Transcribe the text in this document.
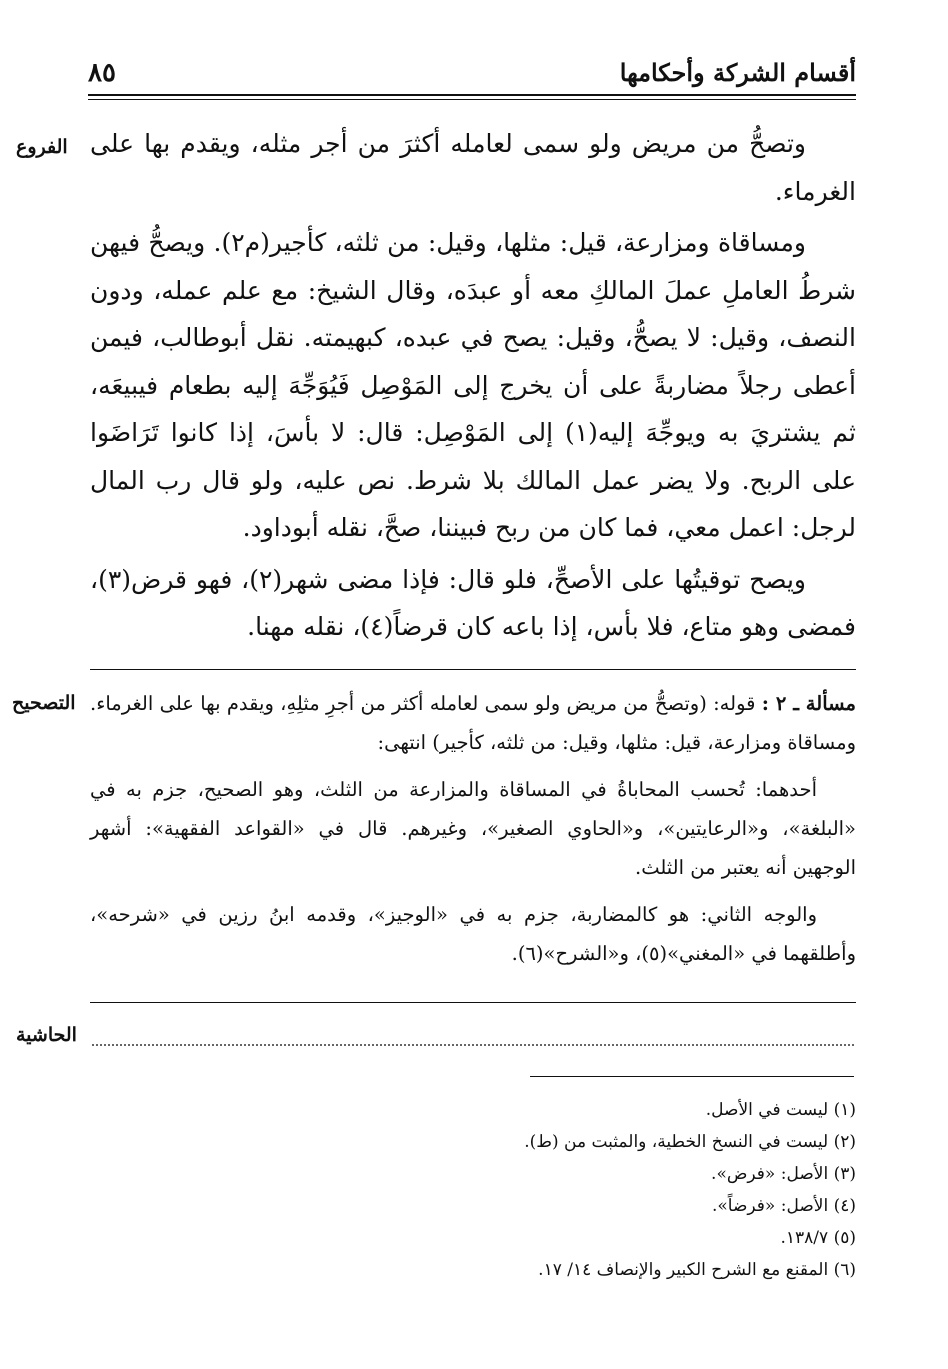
أقسام الشركة وأحكامها
٨٥
الفروع
التصحيح
الحاشية

وتصحُّ من مريض ولو سمى لعامله أكثرَ من أجر مثله، ويقدم بها على الغرماء.

ومساقاة ومزارعة، قيل: مثلها، وقيل: من ثلثه، كأجير(م٢). ويصحُّ فيهن شرطُ العاملِ عملَ المالكِ معه أو عبدَه، وقال الشيخ: مع علم عمله، ودون النصف، وقيل: لا يصحُّ، وقيل: يصح في عبده، كبهيمته. نقل أبوطالب، فيمن أعطى رجلاً مضاربةً على أن يخرج إلى المَوْصِل فَيُوَجِّهَ إليه بطعام فيبيعَه، ثم يشتريَ به ويوجِّهَ إليه(١) إلى المَوْصِل: قال: لا بأسَ، إذا كانوا تَرَاضَوا على الربح. ولا يضر عمل المالك بلا شرط. نص عليه، ولو قال رب المال لرجل: اعمل معي، فما كان من ربح فبيننا، صحَّ، نقله أبوداود.

ويصح توقيتُها على الأصحِّ، فلو قال: فإذا مضى شهر(٢)، فهو قرض(٣)، فمضى وهو متاع، فلا بأس، إذا باعه كان قرضاً(٤)، نقله مهنا.

مسألة ـ ٢ : قوله: (وتصحُّ من مريض ولو سمى لعامله أكثر من أجرِ مثلِهِ، ويقدم بها على الغرماء. ومساقاة ومزارعة، قيل: مثلها، وقيل: من ثلثه، كأجير) انتهى:

أحدهما: تُحسب المحاباةُ في المساقاة والمزارعة من الثلث، وهو الصحيح، جزم به في «البلغة»، و«الرعايتين»، و«الحاوي الصغير»، وغيرهم. قال في «القواعد الفقهية»: أشهر الوجهين أنه يعتبر من الثلث.

والوجه الثاني: هو كالمضاربة، جزم به في «الوجيز»، وقدمه ابنُ رزين في «شرحه»، وأطلقهما في «المغني»(٥)، و«الشرح»(٦).

(١) ليست في الأصل.
(٢) ليست في النسخ الخطية، والمثبت من (ط).
(٣) الأصل: «فرض».
(٤) الأصل: «فرضاً».
(٥) ١٣٨/٧.
(٦) المقنع مع الشرح الكبير والإنصاف ١٤/ ١٧.
